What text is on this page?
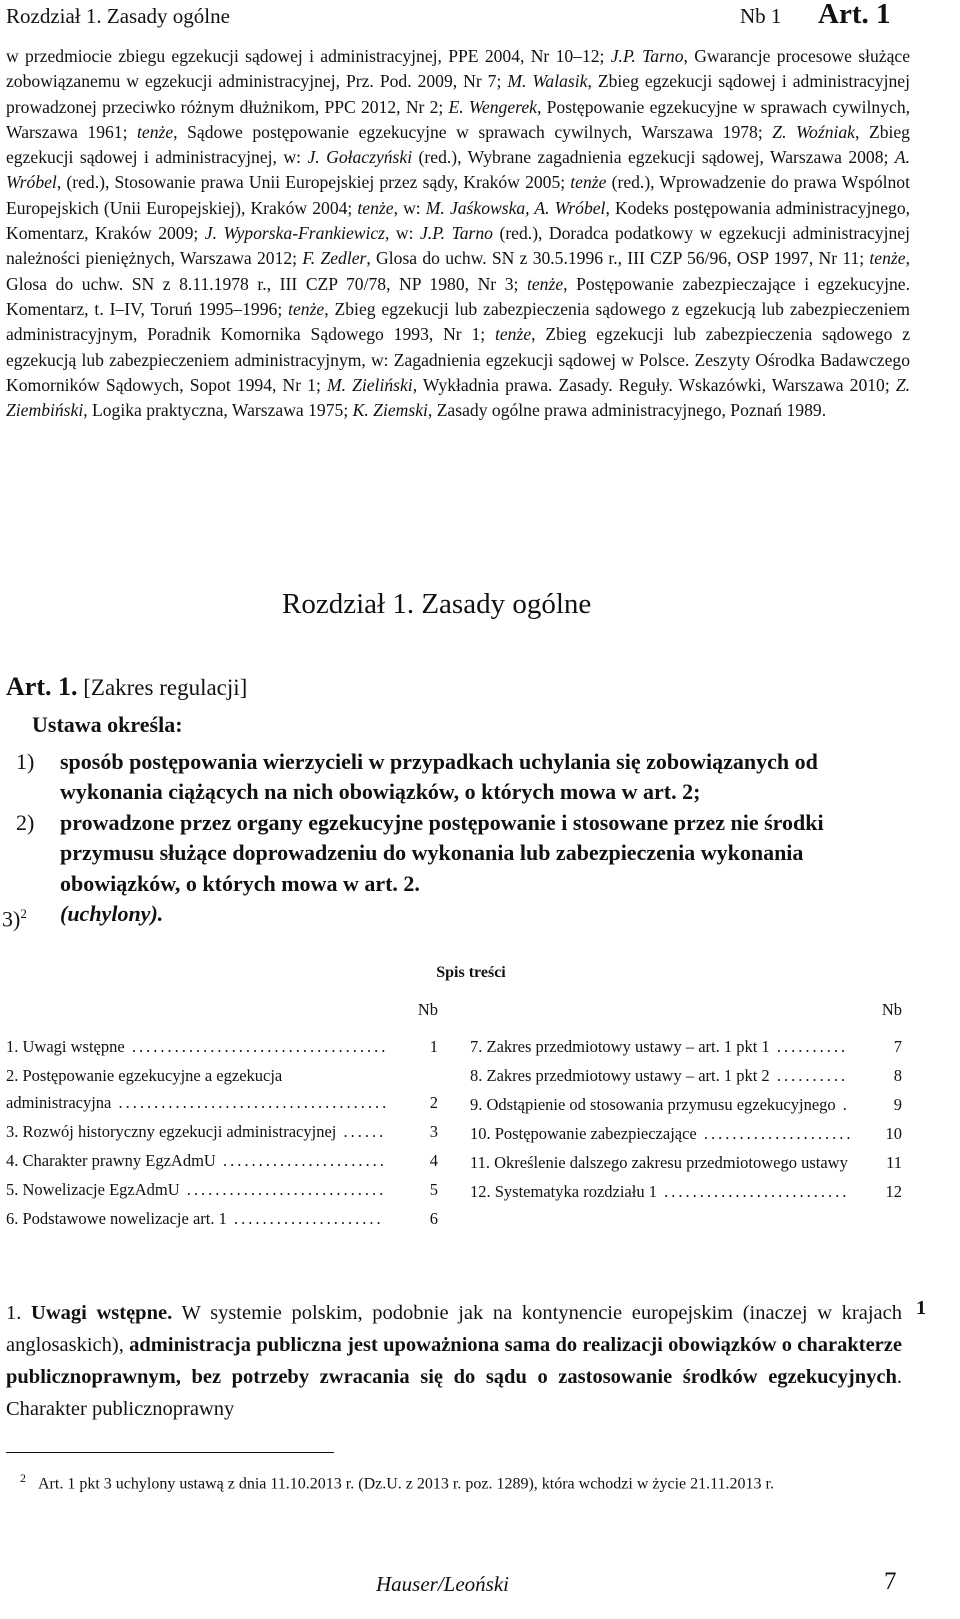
Rozdział 1. Zasady ogólne	Nb 1 Art. 1
w przedmiocie zbiegu egzekucji sądowej i administracyjnej, PPE 2004, Nr 10–12; J.P. Tarno, Gwarancje procesowe służące zobowiązanemu w egzekucji administracyjnej, Prz. Pod. 2009, Nr 7; M. Walasik, Zbieg egzekucji sądowej i administracyjnej prowadzonej przeciwko różnym dłużnikom, PPC 2012, Nr 2; E. Wengerek, Postępowanie egzekucyjne w sprawach cywilnych, Warszawa 1961; tenże, Sądowe postępowanie egzekucyjne w sprawach cywilnych, Warszawa 1978; Z. Woźniak, Zbieg egzekucji sądowej i administracyjnej, w: J. Gołaczyński (red.), Wybrane zagadnienia egzekucji sądowej, Warszawa 2008; A. Wróbel, (red.), Stosowanie prawa Unii Europejskiej przez sądy, Kraków 2005; tenże (red.), Wprowadzenie do prawa Wspólnot Europejskich (Unii Europejskiej), Kraków 2004; tenże, w: M. Jaśkowska, A. Wróbel, Kodeks postępowania administracyjnego, Komentarz, Kraków 2009; J. Wyporska-Frankiewicz, w: J.P. Tarno (red.), Doradca podatkowy w egzekucji administracyjnej należności pieniężnych, Warszawa 2012; F. Zedler, Glosa do uchw. SN z 30.5.1996 r., III CZP 56/96, OSP 1997, Nr 11; tenże, Glosa do uchw. SN z 8.11.1978 r., III CZP 70/78, NP 1980, Nr 3; tenże, Postępowanie zabezpieczające i egzekucyjne. Komentarz, t. I–IV, Toruń 1995–1996; tenże, Zbieg egzekucji lub zabezpieczenia sądowego z egzekucją lub zabezpieczeniem administracyjnym, Poradnik Komornika Sądowego 1993, Nr 1; tenże, Zbieg egzekucji lub zabezpieczenia sądowego z egzekucją lub zabezpieczeniem administracyjnym, w: Zagadnienia egzekucji sądowej w Polsce. Zeszyty Ośrodka Badawczego Komorników Sądowych, Sopot 1994, Nr 1; M. Zieliński, Wykładnia prawa. Zasady. Reguły. Wskazówki, Warszawa 2010; Z. Ziembiński, Logika praktyczna, Warszawa 1975; K. Ziemski, Zasady ogólne prawa administracyjnego, Poznań 1989.
Rozdział 1. Zasady ogólne
Art. 1. [Zakres regulacji]
Ustawa określa:
1) sposób postępowania wierzycieli w przypadkach uchylania się zobowiązanych od wykonania ciążących na nich obowiązków, o których mowa w art. 2;
2) prowadzone przez organy egzekucyjne postępowanie i stosowane przez nie środki przymusu służące doprowadzeniu do wykonania lub zabezpieczenia wykonania obowiązków, o których mowa w art. 2.
3)$^2$ (uchylony).
Spis treści
Nb
1. Uwagi wstępne ....................................	1
2. Postępowanie egzekucyjne a egzekucja administracyjna ......................................	2
3. Rozwój historyczny egzekucji administracyjnej ......	3
4. Charakter prawny EgzAdmU .......................	4
5. Nowelizacje EgzAdmU ............................	5
6. Podstawowe nowelizacje art. 1 .....................	6
Nb
7. Zakres przedmiotowy ustawy – art. 1 pkt 1 ..........	7
8. Zakres przedmiotowy ustawy – art. 1 pkt 2 ..........	8
9. Odstąpienie od stosowania przymusu egzekucyjnego .	9
10. Postępowanie zabezpieczające .....................	10
11. Określenie dalszego zakresu przedmiotowego ustawy	11
12. Systematyka rozdziału 1 ..........................	12
1. Uwagi wstępne. W systemie polskim, podobnie jak na kontynencie europejskim (inaczej w krajach anglosaskich), administracja publiczna jest upoważniona sama do realizacji obowiązków o charakterze publicznoprawnym, bez potrzeby zwracania się do sądu o zastosowanie środków egzekucyjnych. Charakter publicznoprawny
1
$^2$ Art. 1 pkt 3 uchylony ustawą z dnia 11.10.2013 r. (Dz.U. z 2013 r. poz. 1289), która wchodzi w życie 21.11.2013 r.
Hauser/Leoński	7
